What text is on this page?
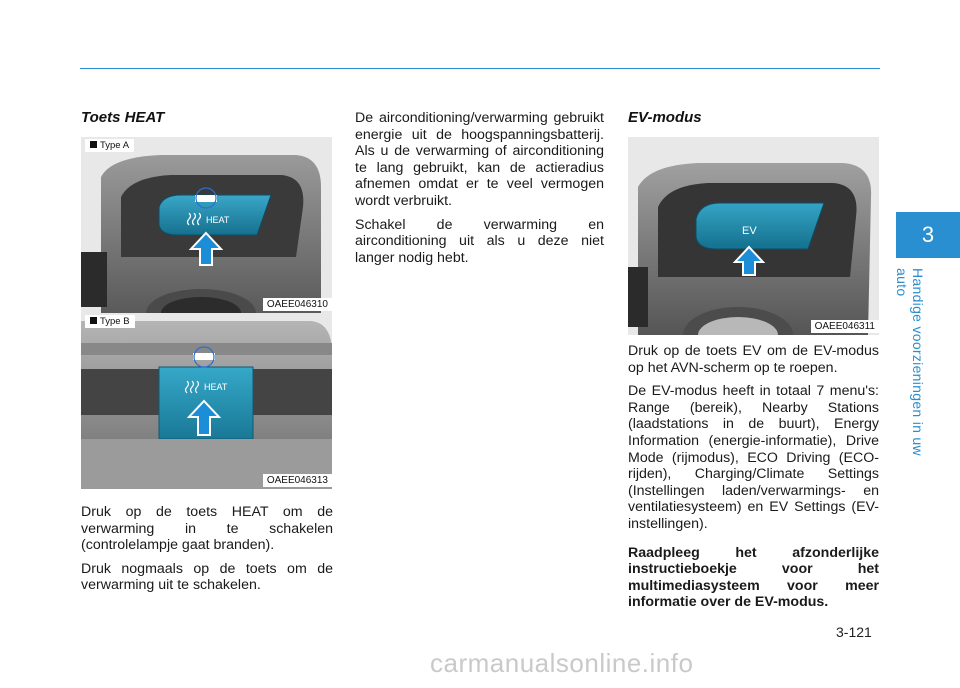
3
Handige voorzieningen in uw auto
Toets HEAT
HEAT
Type A
OAEE046310
HEAT
Type B
OAEE046313

Druk op de toets HEAT om de verwarming in te schakelen (controlelampje gaat branden).

Druk nogmaals op de toets om de verwarming uit te schakelen.

De airconditioning/verwarming gebruikt energie uit de hoogspanningsbatterij. Als u de verwarming of airconditioning te lang gebruikt, kan de actieradius afnemen omdat er te veel vermogen wordt verbruikt.

Schakel de verwarming en airconditioning uit als u deze niet langer nodig hebt.

EV-modus
EV
OAEE046311

Druk op de toets EV om de EV-modus op het AVN-scherm op te roepen.

De EV-modus heeft in totaal 7 menu's: Range (bereik), Nearby Stations (laadstations in de buurt), Energy Information (energie-informatie), Drive Mode (rijmodus), ECO Driving (ECO-rijden), Charging/Climate Settings (Instellingen laden/verwarmings- en ventilatiesysteem) en EV Settings (EV-instellingen).

Raadpleeg het afzonderlijke instructieboekje voor het multimediasysteem voor meer informatie over de EV-modus.

3-121
carmanualsonline.info
